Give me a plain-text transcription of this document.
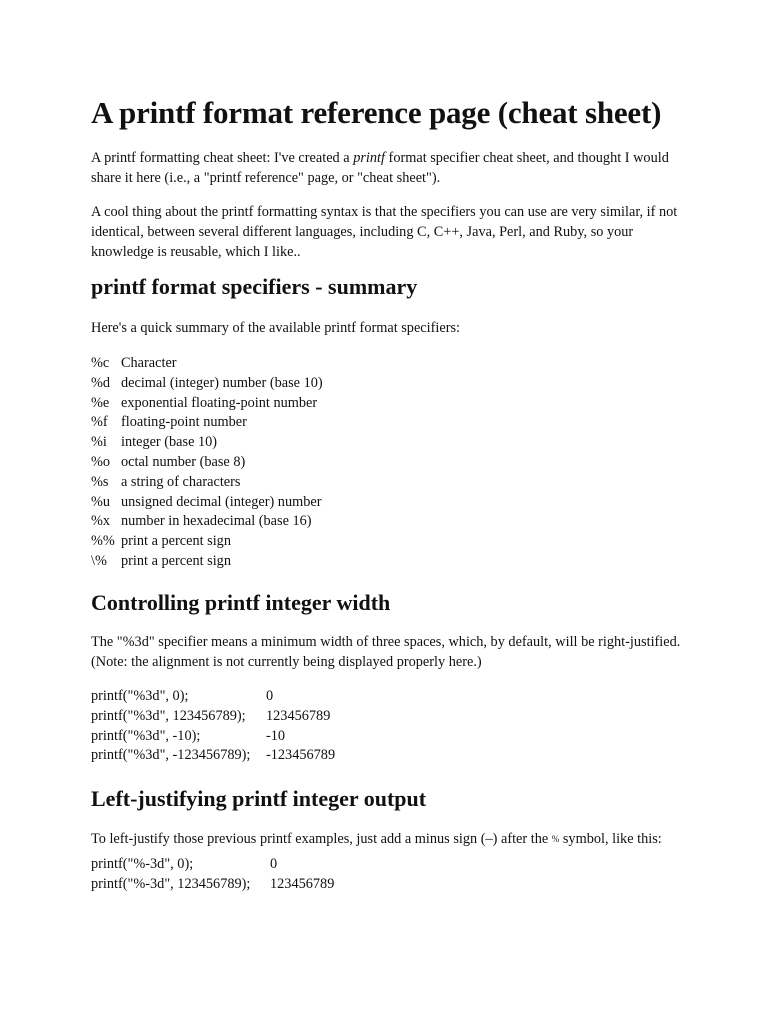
A printf format reference page (cheat sheet)

A printf formatting cheat sheet: I've created a printf format specifier cheat sheet, and thought I would share it here (i.e., a "printf reference" page, or "cheat sheet").

A cool thing about the printf formatting syntax is that the specifiers you can use are very similar, if not identical, between several different languages, including C, C++, Java, Perl, and Ruby, so your knowledge is reusable, which I like..

printf format specifiers - summary

Here's a quick summary of the available printf format specifiers:

%c Character
%d decimal (integer) number (base 10)
%e exponential floating-point number
%f floating-point number
%i integer (base 10)
%o octal number (base 8)
%s a string of characters
%u unsigned decimal (integer) number
%x number in hexadecimal (base 16)
%% print a percent sign
\% print a percent sign
Controlling printf integer width

The "%3d" specifier means a minimum width of three spaces, which, by default, will be right-justified. (Note: the alignment is not currently being displayed properly here.)

printf("%3d", 0);	0
printf("%3d", 123456789); 123456789
printf("%3d", -10);	-10
printf("%3d", -123456789); -123456789
Left-justifying printf integer output

To left-justify those previous printf examples, just add a minus sign (–) after the % symbol, like this:

printf("%-3d", 0);	0
printf("%-3d", 123456789); 123456789
